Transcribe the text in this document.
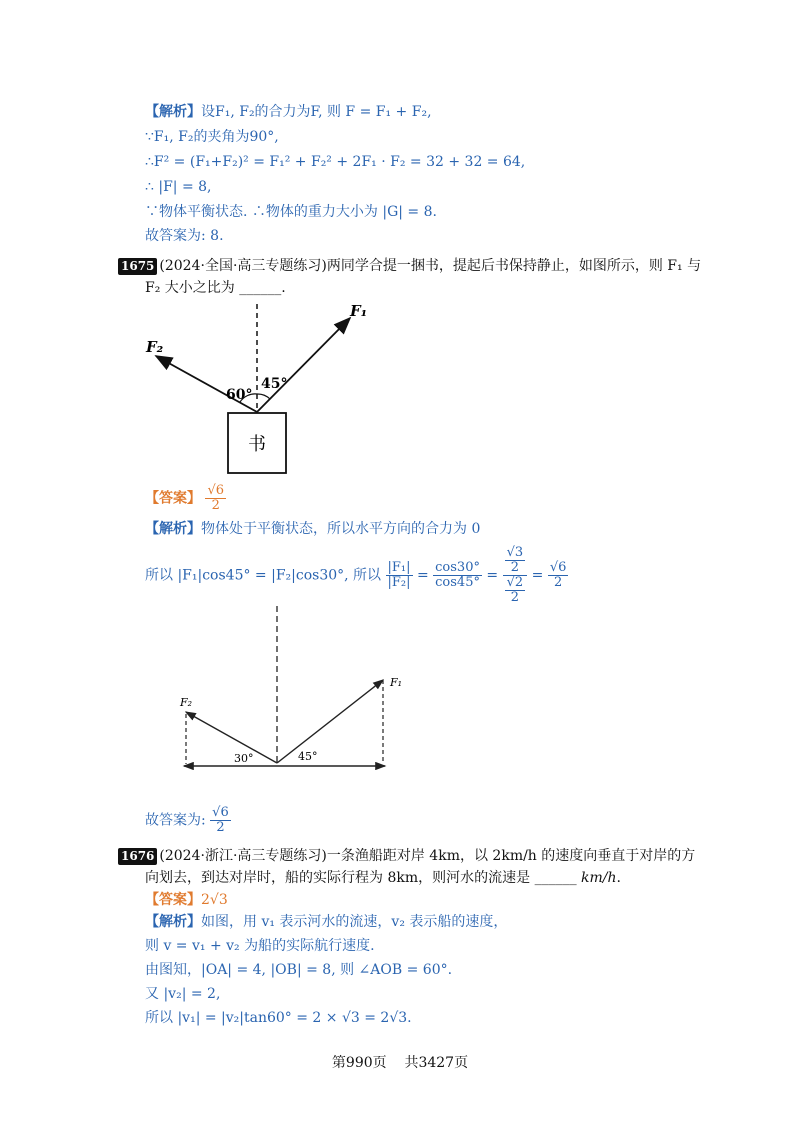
【解析】设F₁, F₂的合力为F, 则 F = F₁ + F₂,
∵F₁, F₂的夹角为90°,
∴F² = (F₁+F₂)² = F₁² + F₂² + 2F₁ · F₂ = 32 + 32 = 64,
∴ |F| = 8,
∵物体平衡状态. ∴物体的重力大小为 |G| = 8.
故答案为: 8.
1675 (2024·全国·高三专题练习)两同学合提一捆书，提起后书保持静止，如图所示，则 F₁ 与
F₂ 大小之比为 ______.
F₁
F₂
60°
45°
书
【答案】 $\frac{√6}{2}$
【解析】物体处于平衡状态，所以水平方向的合力为 0
所以 |F₁|cos45° = |F₂|cos30°, 所以 $\frac{\text{|F₁|}}{\text{|F₂|}} = \frac{\cos 30^\circ}{\cos 45^\circ} = \frac{\frac{√3}{2}}{\frac{√2}{2}} = \frac{√6}{2}$
F₁
F₂
30°	45°
故答案为: $\frac{√6}{2}$
1676 (2024·浙江·高三专题练习)一条渔船距对岸 4km，以 2km/h 的速度向垂直于对岸的方
向划去，到达对岸时，船的实际行程为 8km，则河水的流速是 ______ km/h.
【答案】2√3
【解析】如图，用 v₁ 表示河水的流速，v₂ 表示船的速度，
则 v = v₁ + v₂ 为船的实际航行速度.
由图知，|OA| = 4, |OB| = 8, 则 ∠AOB = 60°.
又 |v₂| = 2,
所以 |v₁| = |v₂|tan60° = 2 × √3 = 2√3.
第990页 共3427页
